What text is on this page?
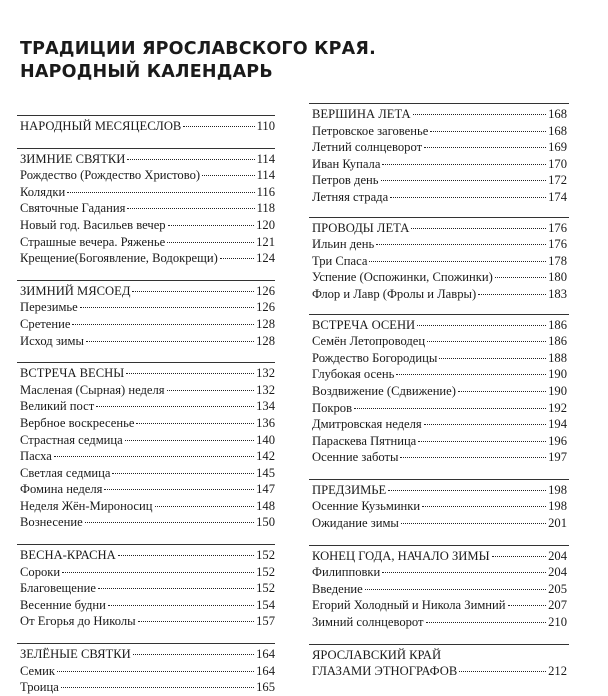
ТРАДИЦИИ ЯРОСЛАВСКОГО КРАЯ.
НАРОДНЫЙ КАЛЕНДАРЬ
НАРОДНЫЙ МЕСЯЦЕСЛОВ	110
ЗИМНИЕ СВЯТКИ	114
Рождество (Рождество Христово)	114
Колядки	116
Святочные Гадания	118
Новый год. Васильев вечер	120
Страшные вечера. Ряженье	121
Крещение(Богоявление, Водокрещи)	124
ЗИМНИЙ МЯСОЕД	126
Перезимье	126
Сретение	128
Исход зимы	128
ВСТРЕЧА ВЕСНЫ	132
Масленая (Сырная) неделя	132
Великий пост	134
Вербное воскресенье	136
Страстная седмица	140
Пасха	142
Светлая седмица	145
Фомина неделя	147
Неделя Жён-Мироносиц	148
Вознесение	150
ВЕСНА-КРАСНА	152
Сороки	152
Благовещение	152
Весенние будни	154
От Егорья до Николы	157
ЗЕЛЁНЫЕ СВЯТКИ	164
Семик	164
Троица	165
ВЕРШИНА ЛЕТА	168
Петровское заговенье	168
Летний солнцеворот	169
Иван Купала	170
Петров день	172
Летняя страда	174
ПРОВОДЫ ЛЕТА	176
Ильин день	176
Три Спаса	178
Успение (Оспожинки, Спожинки)	180
Флор и Лавр (Фролы и Лавры)	183
ВСТРЕЧА ОСЕНИ	186
Семён Летопроводец	186
Рождество Богородицы	188
Глубокая осень	190
Воздвижение (Сдвижение)	190
Покров	192
Дмитровская неделя	194
Параскева Пятница	196
Осенние заботы	197
ПРЕДЗИМЬЕ	198
Осенние Кузьминки	198
Ожидание зимы	201
КОНЕЦ ГОДА, НАЧАЛО ЗИМЫ	204
Филипповки	204
Введение	205
Егорий Холодный и Никола Зимний	207
Зимний солнцеворот	210
ЯРОСЛАВСКИЙ КРАЙ
ГЛАЗАМИ ЭТНОГРАФОВ	212
